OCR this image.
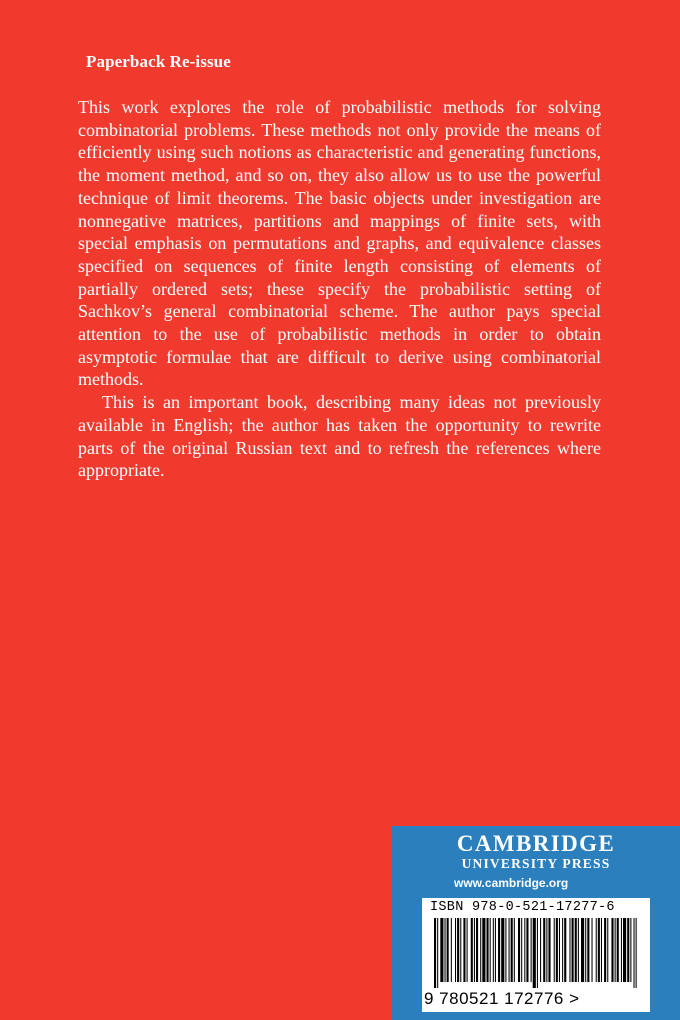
Paperback Re-issue

This work explores the role of probabilistic methods for solving combinatorial problems. These methods not only provide the means of efficiently using such notions as characteristic and generating functions, the moment method, and so on, they also allow us to use the powerful technique of limit theorems. The basic objects under investigation are nonnegative matrices, partitions and mappings of finite sets, with special emphasis on permutations and graphs, and equivalence classes specified on sequences of finite length consisting of elements of partially ordered sets; these specify the probabilistic setting of Sachkov’s general combinatorial scheme. The author pays special attention to the use of probabilistic methods in order to obtain asymptotic formulae that are difficult to derive using combinatorial methods.

This is an important book, describing many ideas not previously available in English; the author has taken the opportunity to rewrite parts of the original Russian text and to refresh the references where appropriate.

CAMBRIDGE
UNIVERSITY PRESS
www.cambridge.org
ISBN 978-0-521-17277-6
9 780521 172776 >
